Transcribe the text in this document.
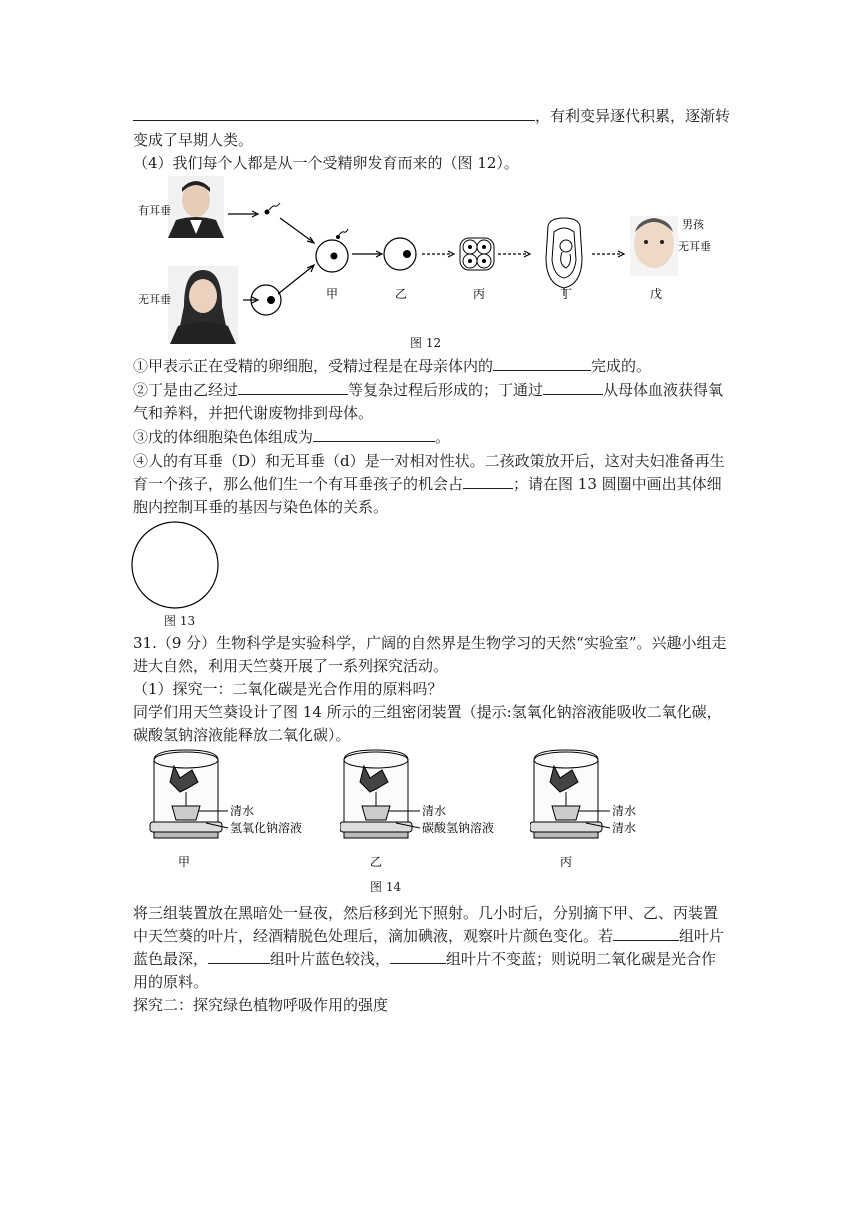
，有利变异逐代积累，逐渐转
变成了早期人类。
（4）我们每个人都是从一个受精卵发育而来的（图 12）。
有耳垂
无耳垂
男孩
无耳垂
甲	乙	丙	丁	戊
图 12
①甲表示正在受精的卵细胞，受精过程是在母亲体内的	完成的。
②丁是由乙经过	等复杂过程后形成的；丁通过	从母体血液获得氧
气和养料，并把代谢废物排到母体。
③戊的体细胞染色体组成为	。
④人的有耳垂（D）和无耳垂（d）是一对相对性状。二孩政策放开后，这对夫妇准备再生
育一个孩子，那么他们生一个有耳垂孩子的机会占	；请在图 13 圆圈中画出其体细
胞内控制耳垂的基因与染色体的关系。
图 13
31.（9 分）生物科学是实验科学，广阔的自然界是生物学习的天然“实验室”。兴趣小组走
进大自然，利用天竺葵开展了一系列探究活动。
（1）探究一：二氧化碳是光合作用的原料吗？
同学们用天竺葵设计了图 14 所示的三组密闭装置（提示:氢氧化钠溶液能吸收二氧化碳，
碳酸氢钠溶液能释放二氧化碳）。
清水
氢氧化钠溶液
甲
清水
碳酸氢钠溶液
乙
清水
清水
丙
图 14
将三组装置放在黑暗处一昼夜，然后移到光下照射。几小时后，分别摘下甲、乙、丙装置
中天竺葵的叶片，经酒精脱色处理后，滴加碘液，观察叶片颜色变化。若	组叶片
蓝色最深，	组叶片蓝色较浅，	组叶片不变蓝；则说明二氧化碳是光合作
用的原料。
探究二：探究绿色植物呼吸作用的强度
